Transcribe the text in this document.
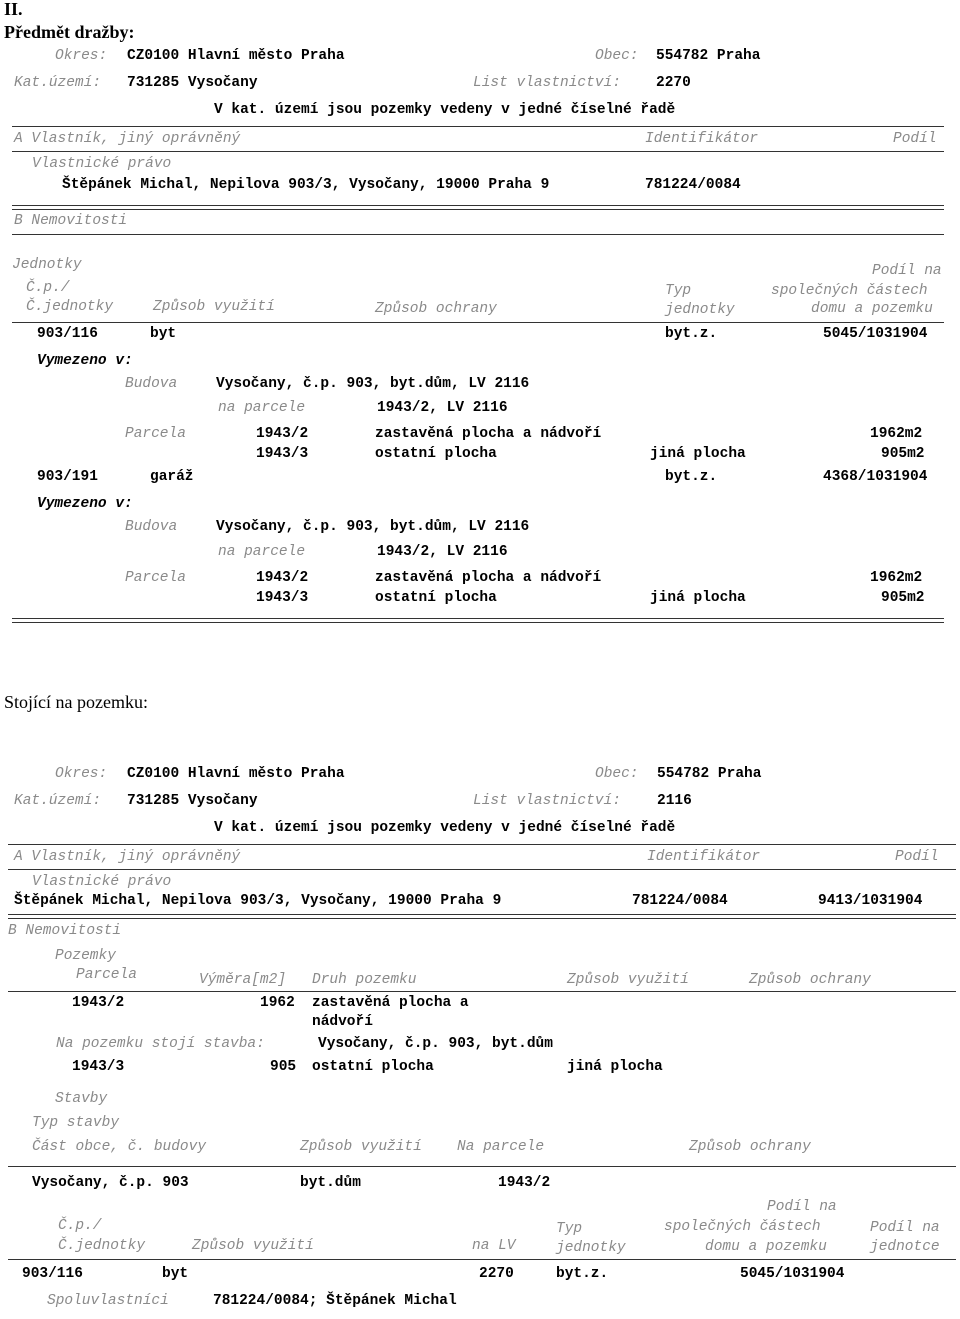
II.
Předmět dražby:
Okres: CZ0100 Hlavní město Praha	Obec: 554782 Praha
Kat.území: 731285 Vysočany	List vlastnictví: 2270
V kat. území jsou pozemky vedeny v jedné číselné řadě
A Vlastník, jiný oprávněný	Identifikátor	Podíl
Vlastnické právo
Štěpánek Michal, Nepilova 903/3, Vysočany, 19000 Praha 9	781224/0084
B Nemovitosti
Jednotky
Č.p./
Č.jednotky	Způsob využití	Způsob ochrany
Typ
jednotky
Podíl na
společných částech
domu a pozemku
903/116	byt	byt.z.	5045/1031904
Vymezeno v:
Budova	Vysočany, č.p. 903, byt.dům, LV 2116
na parcele	1943/2, LV 2116
Parcela	1943/2	zastavěná plocha a nádvoří	1962m2
1943/3	ostatní plocha	jiná plocha	905m2
903/191	garáž	byt.z.	4368/1031904
Vymezeno v:
Budova	Vysočany, č.p. 903, byt.dům, LV 2116
na parcele	1943/2, LV 2116
Parcela	1943/2	zastavěná plocha a nádvoří	1962m2
1943/3	ostatní plocha	jiná plocha	905m2
Stojící na pozemku:
Okres: CZ0100 Hlavní město Praha	Obec: 554782 Praha
Kat.území: 731285 Vysočany	List vlastnictví: 2116
V kat. území jsou pozemky vedeny v jedné číselné řadě
A Vlastník, jiný oprávněný	Identifikátor	Podíl
Vlastnické právo
Štěpánek Michal, Nepilova 903/3, Vysočany, 19000 Praha 9	781224/0084	9413/1031904
B Nemovitosti
Pozemky
Parcela	Výměra[m2] Druh pozemku	Způsob využití	Způsob ochrany
1943/2	1962 zastavěná plocha a
nádvoří
Na pozemku stojí stavba:	Vysočany, č.p. 903, byt.dům
1943/3	905 ostatní plocha	jiná plocha
Stavby
Typ stavby
Část obce, č. budovy	Způsob využití Na parcele	Způsob ochrany
Vysočany, č.p. 903	byt.dům	1943/2
Podíl na
Č.p./	Typ	společných částech	Podíl na
Č.jednotky	Způsob využití	na LV	jednotky	domu a pozemku	jednotce
903/116	byt	2270	byt.z.	5045/1031904
Spoluvlastníci	781224/0084; Štěpánek Michal
